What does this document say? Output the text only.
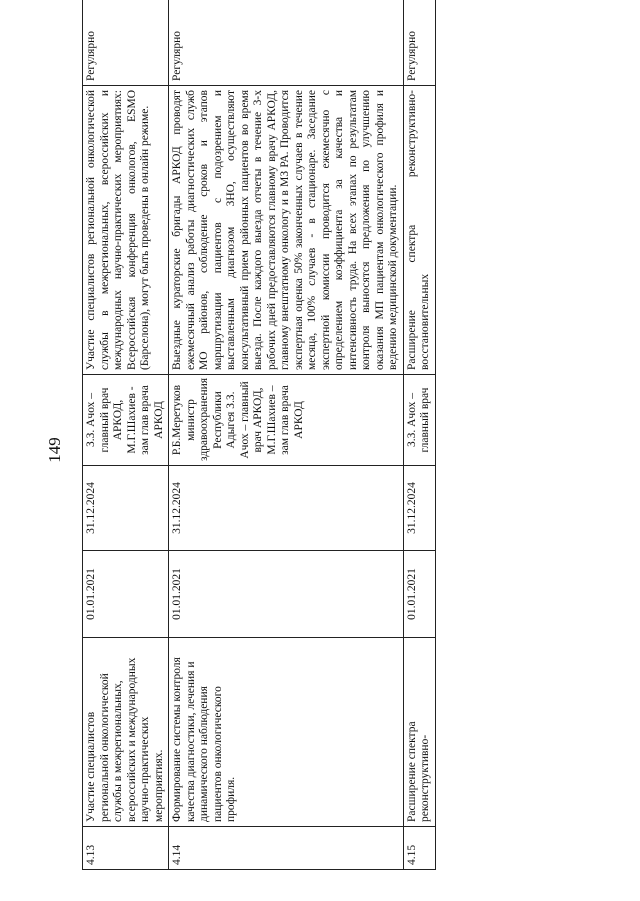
149
4.13	Участие специалистов региональной онкологической службы в межрегиональных, всероссийских и международных научно-практических мероприятиях.	01.01.2021	31.12.2024	З.З. Ачох – главный врач АРКОД, М.Г.Шахиев - зам глав врача АРКОД	Участие специалистов региональной онкологической службы в межрегиональных, всероссийских и международных научно-практических мероприятиях: Всероссийская конференция онкологов, ESMO (Барселона), могут быть проведены в онлайн режиме.	Регулярно
4.14	Формирование системы контроля качества диагностики, лечения и динамического наблюдения пациентов онкологического профиля.	01.01.2021	31.12.2024	Р.Б.Меретуков министр здравоохранения Республики Адыгея З.З. Ачох – главный врач АРКОД, М.Г.Шахиев – зам глав врача АРКОД	Выездные кураторские бригады АРКОД проводят ежемесячный анализ работы диагностических служб МО районов, соблюдение сроков и этапов маршрутизации пациентов с подозрением и выставленным диагнозом ЗНО, осуществляют консультативный прием районных пациентов во время выезда. После каждого выезда отчеты в течение 3-х рабочих дней предоставляются главному врачу АРКОД, главному внештатному онкологу и в МЗ РА. Проводится экспертная оценка 50% законченных случаев в течение месяца, 100% случаев - в стационаре. Заседание экспертной комиссии проводится ежемесячно с определением коэффициента за качества и интенсивность труда. На всех этапах по результатам контроля выносятся предложения по улучшению оказания МП пациентам онкологического профиля и ведению медицинской документации.	Регулярно
4.15	Расширение спектра реконструктивно-	01.01.2021	31.12.2024	З.З. Ачох – главный врач	Расширение спектра реконструктивно-восстановительных	Регулярно
